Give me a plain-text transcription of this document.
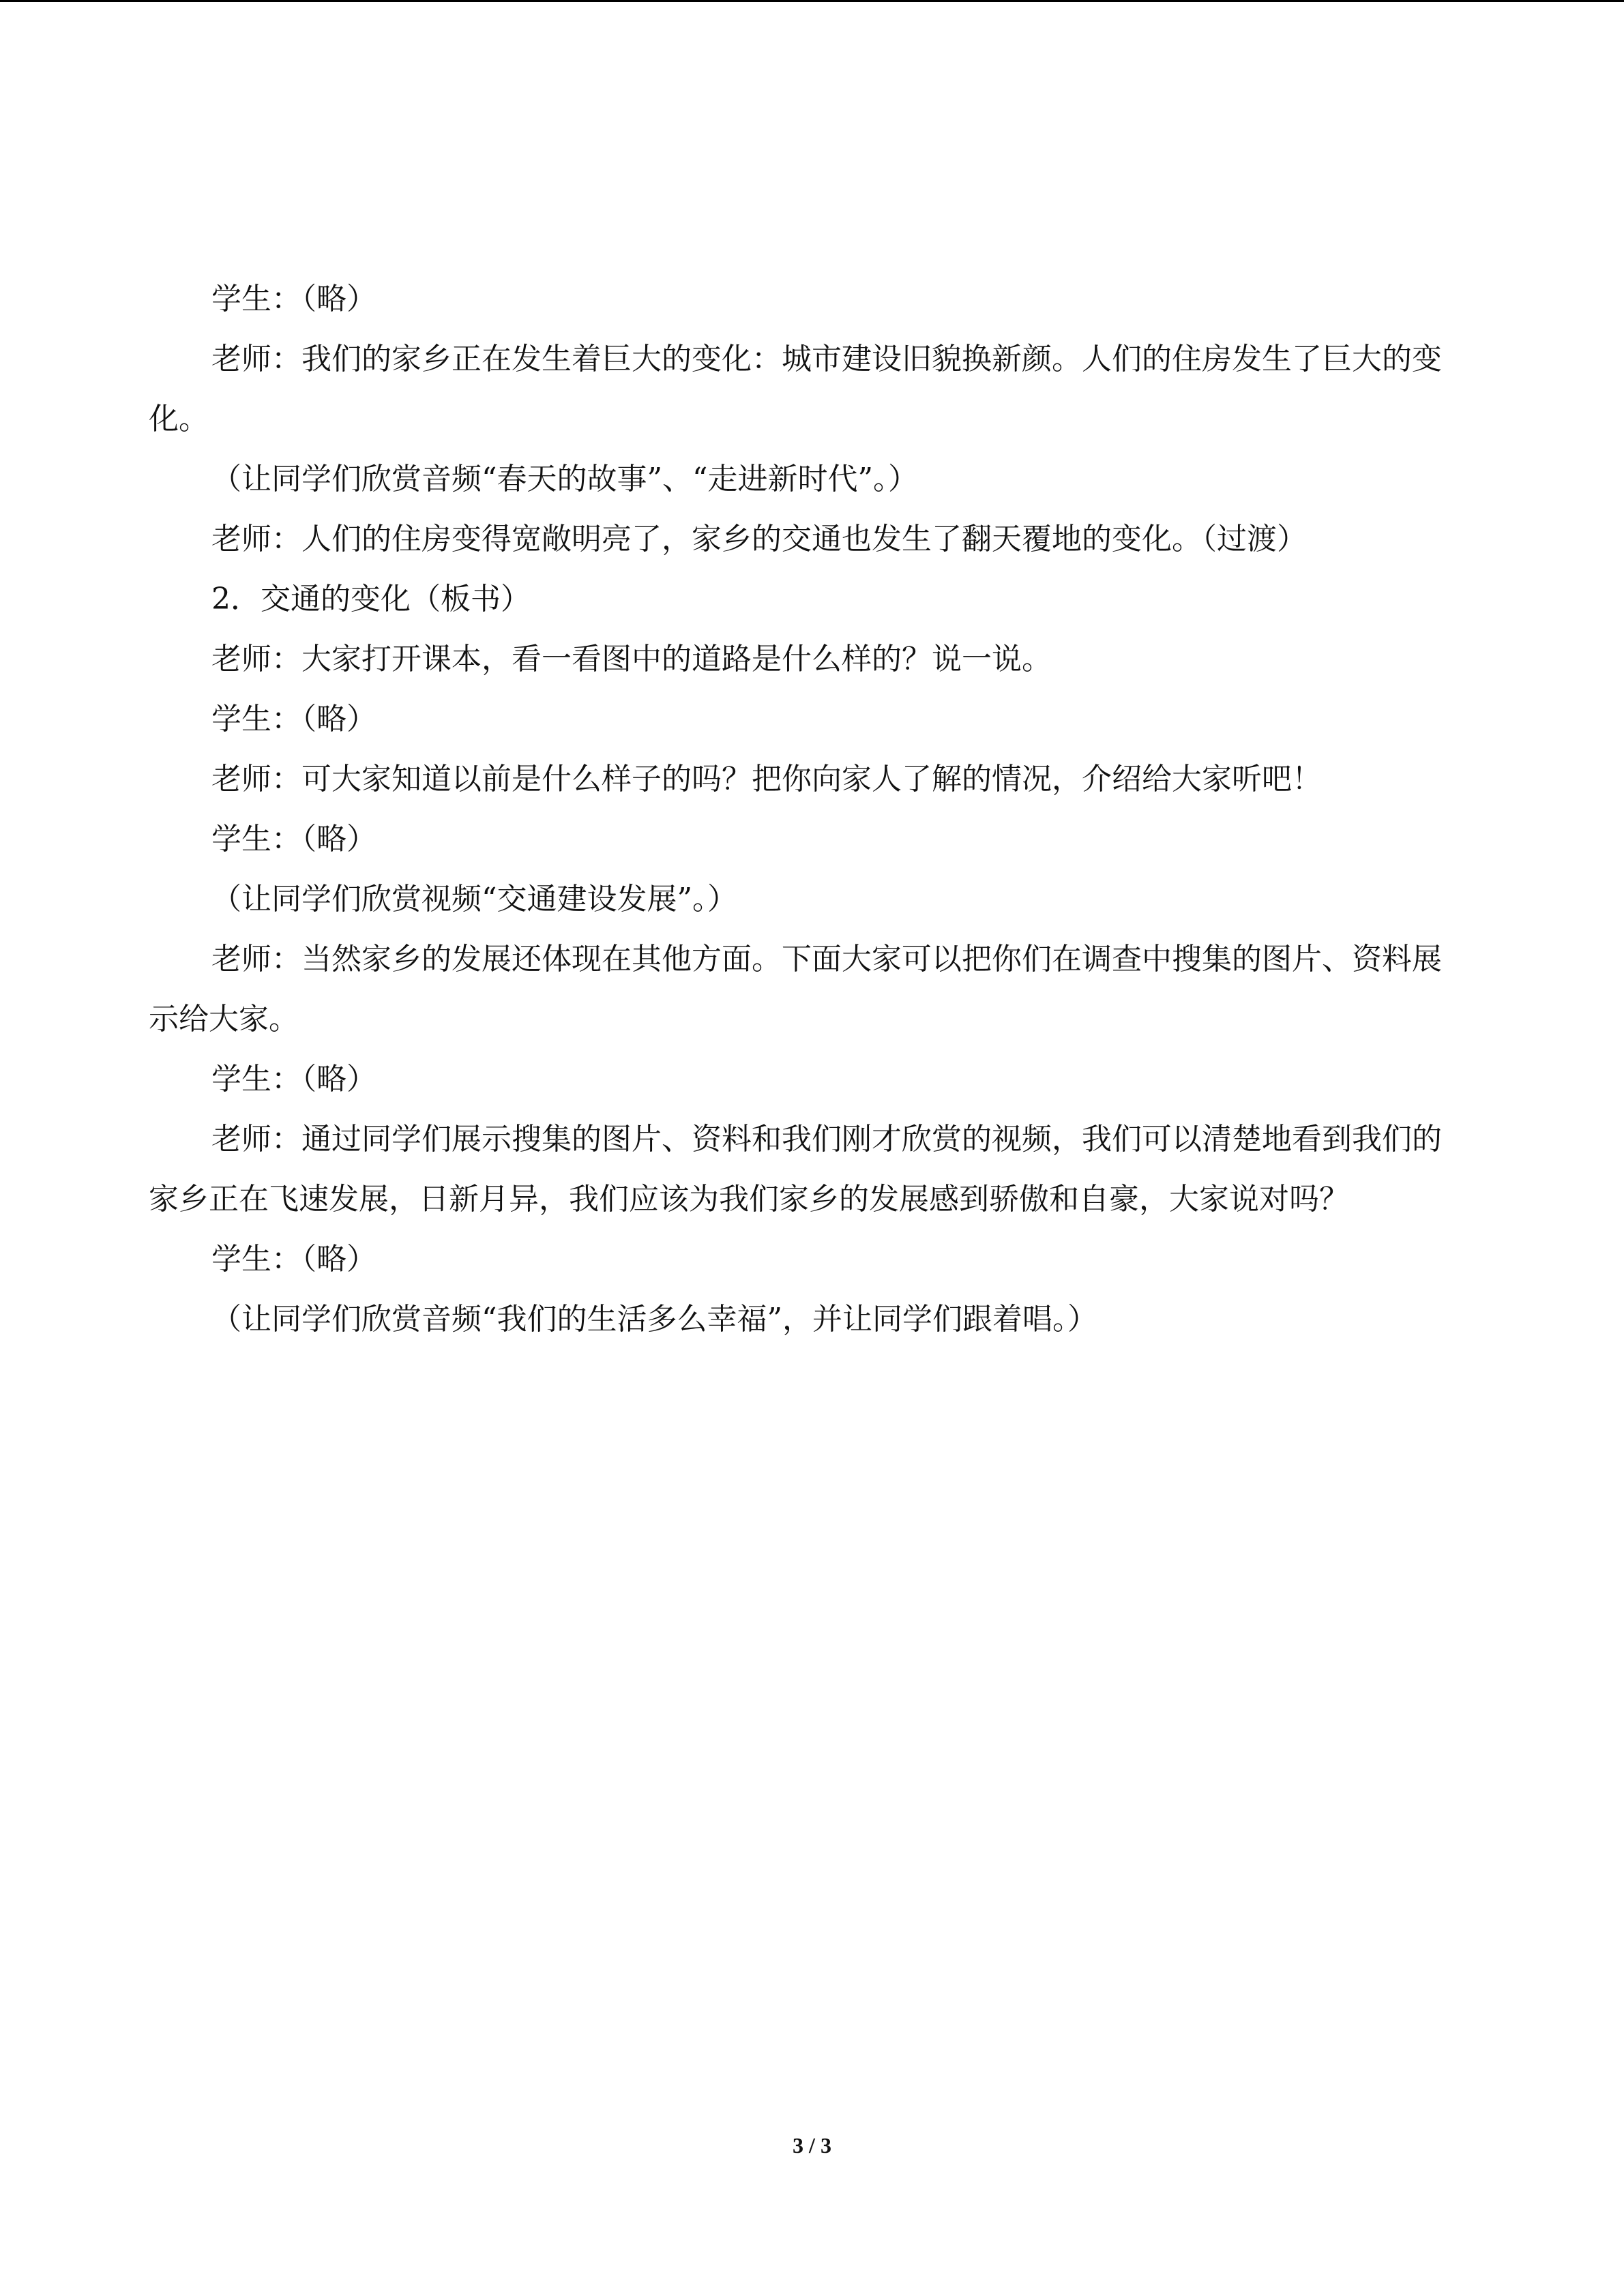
学生：（略）

老师：我们的家乡正在发生着巨大的变化：城市建设旧貌换新颜。人们的住房发生了巨大的变化。

（让同学们欣赏音频“春天的故事”、“走进新时代”。）

老师：人们的住房变得宽敞明亮了，家乡的交通也发生了翻天覆地的变化。（过渡）

2．交通的变化（板书）

老师：大家打开课本，看一看图中的道路是什么样的？说一说。

学生：（略）

老师：可大家知道以前是什么样子的吗？把你向家人了解的情况，介绍给大家听吧！

学生：（略）

（让同学们欣赏视频“交通建设发展”。）

老师：当然家乡的发展还体现在其他方面。下面大家可以把你们在调查中搜集的图片、资料展示给大家。

学生：（略）

老师：通过同学们展示搜集的图片、资料和我们刚才欣赏的视频，我们可以清楚地看到我们的家乡正在飞速发展，日新月异，我们应该为我们家乡的发展感到骄傲和自豪，大家说对吗？

学生：（略）

（让同学们欣赏音频“我们的生活多么幸福”，并让同学们跟着唱。）

3 / 3
